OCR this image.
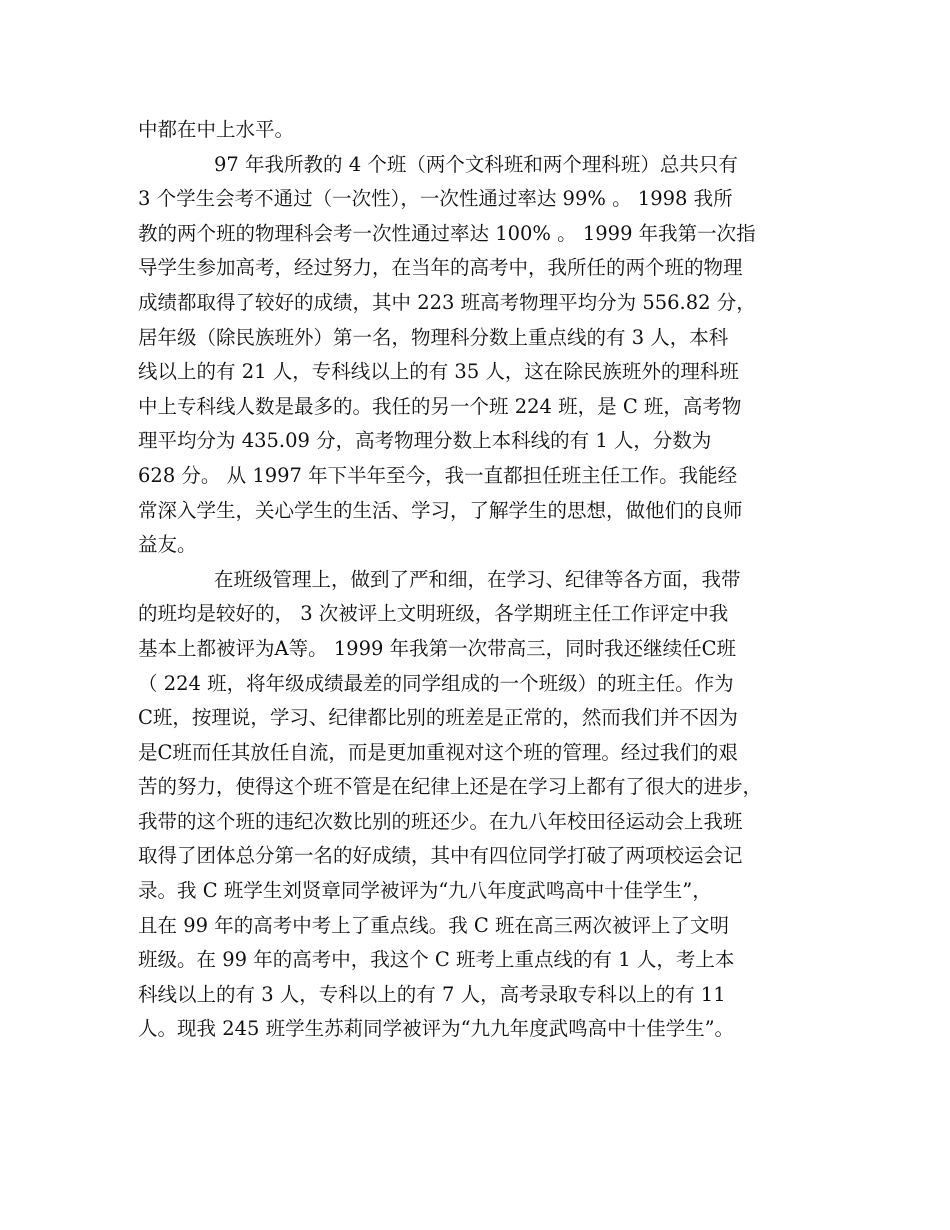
中都在中上水平。
97 年我所教的 4 个班（两个文科班和两个理科班）总共只有
3 个学生会考不通过（一次性），一次性通过率达 99% 。 1998 我所
教的两个班的物理科会考一次性通过率达 100% 。 1999 年我第一次指
导学生参加高考，经过努力，在当年的高考中，我所任的两个班的物理
成绩都取得了较好的成绩，其中 223 班高考物理平均分为 556.82 分，
居年级（除民族班外）第一名，物理科分数上重点线的有 3 人，本科
线以上的有 21 人，专科线以上的有 35 人，这在除民族班外的理科班
中上专科线人数是最多的。我任的另一个班 224 班，是 C 班，高考物
理平均分为 435.09 分，高考物理分数上本科线的有 1 人，分数为
628 分。 从 1997 年下半年至今，我一直都担任班主任工作。我能经
常深入学生，关心学生的生活、学习，了解学生的思想，做他们的良师
益友。
在班级管理上，做到了严和细，在学习、纪律等各方面，我带
的班均是较好的， 3 次被评上文明班级，各学期班主任工作评定中我
基本上都被评为A等。 1999 年我第一次带高三，同时我还继续任C班
（ 224 班，将年级成绩最差的同学组成的一个班级）的班主任。作为
C班，按理说，学习、纪律都比别的班差是正常的，然而我们并不因为
是C班而任其放任自流，而是更加重视对这个班的管理。经过我们的艰
苦的努力，使得这个班不管是在纪律上还是在学习上都有了很大的进步，
我带的这个班的违纪次数比别的班还少。在九八年校田径运动会上我班
取得了团体总分第一名的好成绩，其中有四位同学打破了两项校运会记
录。我 C 班学生刘贤章同学被评为“九八年度武鸣高中十佳学生”，
且在 99 年的高考中考上了重点线。我 C 班在高三两次被评上了文明
班级。在 99 年的高考中，我这个 C 班考上重点线的有 1 人，考上本
科线以上的有 3 人，专科以上的有 7 人，高考录取专科以上的有 11
人。现我 245 班学生苏莉同学被评为“九九年度武鸣高中十佳学生”。
